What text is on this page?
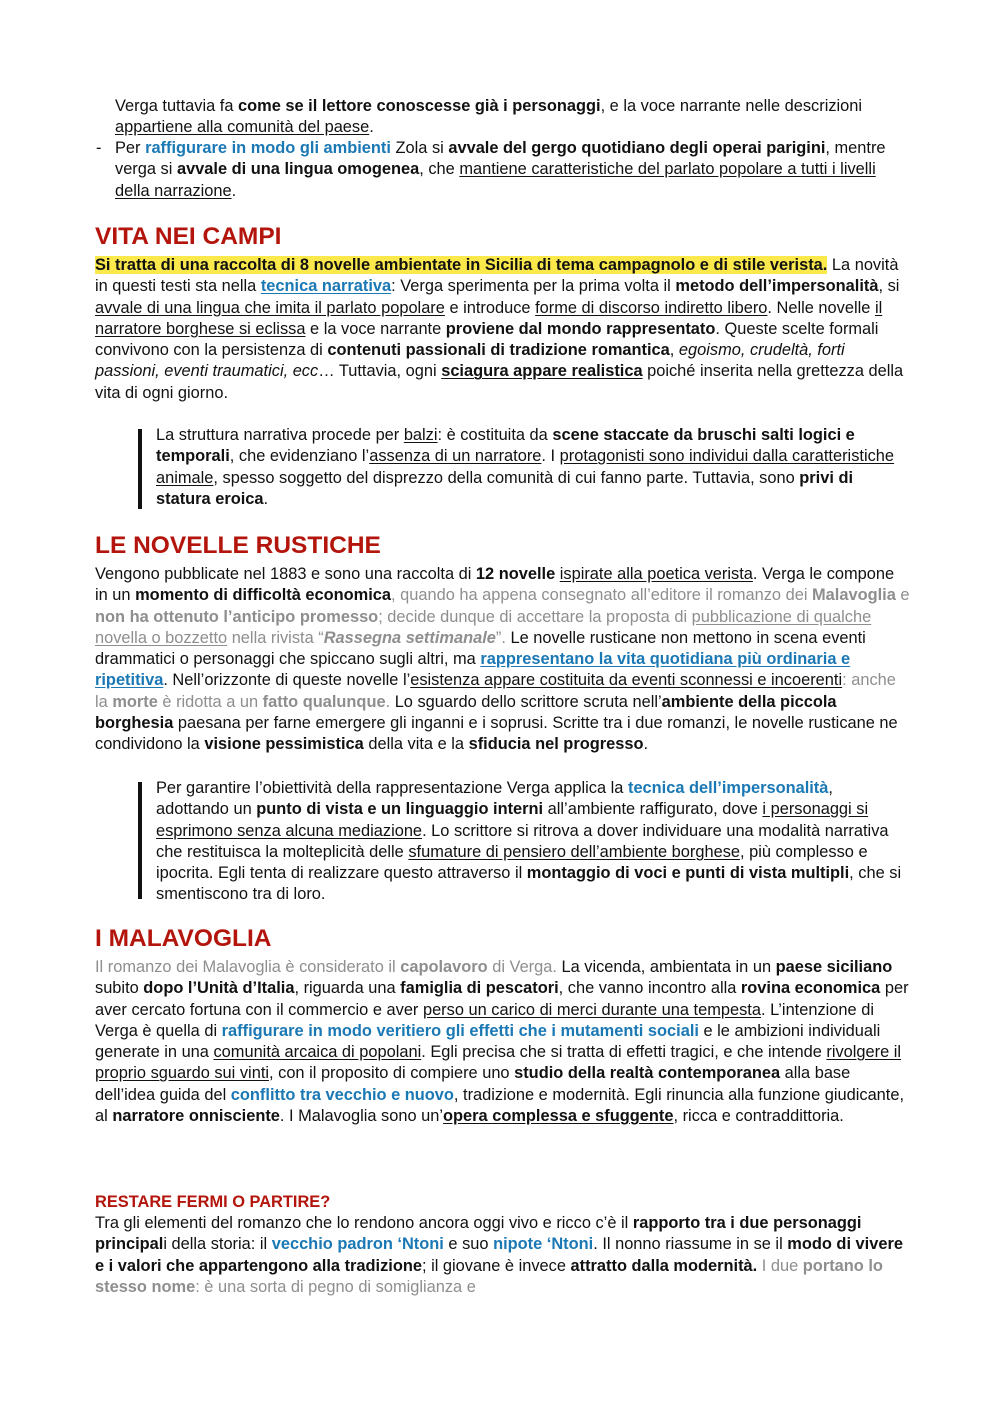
Verga tuttavia fa come se il lettore conoscesse già i personaggi, e la voce narrante nelle descrizioni appartiene alla comunità del paese.

- Per raffigurare in modo gli ambienti Zola si avvale del gergo quotidiano degli operai parigini, mentre verga si avvale di una lingua omogenea, che mantiene caratteristiche del parlato popolare a tutti i livelli della narrazione.

VITA NEI CAMPI

Si tratta di una raccolta di 8 novelle ambientate in Sicilia di tema campagnolo e di stile verista. La novità in questi testi sta nella tecnica narrativa: Verga sperimenta per la prima volta il metodo dell’impersonalità, si avvale di una lingua che imita il parlato popolare e introduce forme di discorso indiretto libero. Nelle novelle il narratore borghese si eclissa e la voce narrante proviene dal mondo rappresentato. Queste scelte formali convivono con la persistenza di contenuti passionali di tradizione romantica, egoismo, crudeltà, forti passioni, eventi traumatici, ecc… Tuttavia, ogni sciagura appare realistica poiché inserita nella grettezza della vita di ogni giorno.

La struttura narrativa procede per balzi: è costituita da scene staccate da bruschi salti logici e temporali, che evidenziano l’assenza di un narratore. I protagonisti sono individui dalla caratteristiche animale, spesso soggetto del disprezzo della comunità di cui fanno parte. Tuttavia, sono privi di statura eroica.

LE NOVELLE RUSTICHE

Vengono pubblicate nel 1883 e sono una raccolta di 12 novelle ispirate alla poetica verista. Verga le compone in un momento di difficoltà economica, quando ha appena consegnato all’editore il romanzo dei Malavoglia e non ha ottenuto l’anticipo promesso; decide dunque di accettare la proposta di pubblicazione di qualche novella o bozzetto nella rivista “Rassegna settimanale”. Le novelle rusticane non mettono in scena eventi drammatici o personaggi che spiccano sugli altri, ma rappresentano la vita quotidiana più ordinaria e ripetitiva. Nell’orizzonte di queste novelle l’esistenza appare costituita da eventi sconnessi e incoerenti: anche la morte è ridotta a un fatto qualunque. Lo sguardo dello scrittore scruta nell’ambiente della piccola borghesia paesana per farne emergere gli inganni e i soprusi. Scritte tra i due romanzi, le novelle rusticane ne condividono la visione pessimistica della vita e la sfiducia nel progresso.

Per garantire l’obiettività della rappresentazione Verga applica la tecnica dell’impersonalità, adottando un punto di vista e un linguaggio interni all’ambiente raffigurato, dove i personaggi si esprimono senza alcuna mediazione. Lo scrittore si ritrova a dover individuare una modalità narrativa che restituisca la molteplicità delle sfumature di pensiero dell’ambiente borghese, più complesso e ipocrita. Egli tenta di realizzare questo attraverso il montaggio di voci e punti di vista multipli, che si smentiscono tra di loro.

I MALAVOGLIA

Il romanzo dei Malavoglia è considerato il capolavoro di Verga. La vicenda, ambientata in un paese siciliano subito dopo l’Unità d’Italia, riguarda una famiglia di pescatori, che vanno incontro alla rovina economica per aver cercato fortuna con il commercio e aver perso un carico di merci durante una tempesta. L’intenzione di Verga è quella di raffigurare in modo veritiero gli effetti che i mutamenti sociali e le ambizioni individuali generate in una comunità arcaica di popolani. Egli precisa che si tratta di effetti tragici, e che intende rivolgere il proprio sguardo sui vinti, con il proposito di compiere uno studio della realtà contemporanea alla base dell’idea guida del conflitto tra vecchio e nuovo, tradizione e modernità. Egli rinuncia alla funzione giudicante, al narratore onnisciente. I Malavoglia sono un’opera complessa e sfuggente, ricca e contraddittoria.

RESTARE FERMI O PARTIRE?

Tra gli elementi del romanzo che lo rendono ancora oggi vivo e ricco c’è il rapporto tra i due personaggi principali della storia: il vecchio padron ‘Ntoni e suo nipote ‘Ntoni. Il nonno riassume in se il modo di vivere e i valori che appartengono alla tradizione; il giovane è invece attratto dalla modernità. I due portano lo stesso nome: è una sorta di pegno di somiglianza e
